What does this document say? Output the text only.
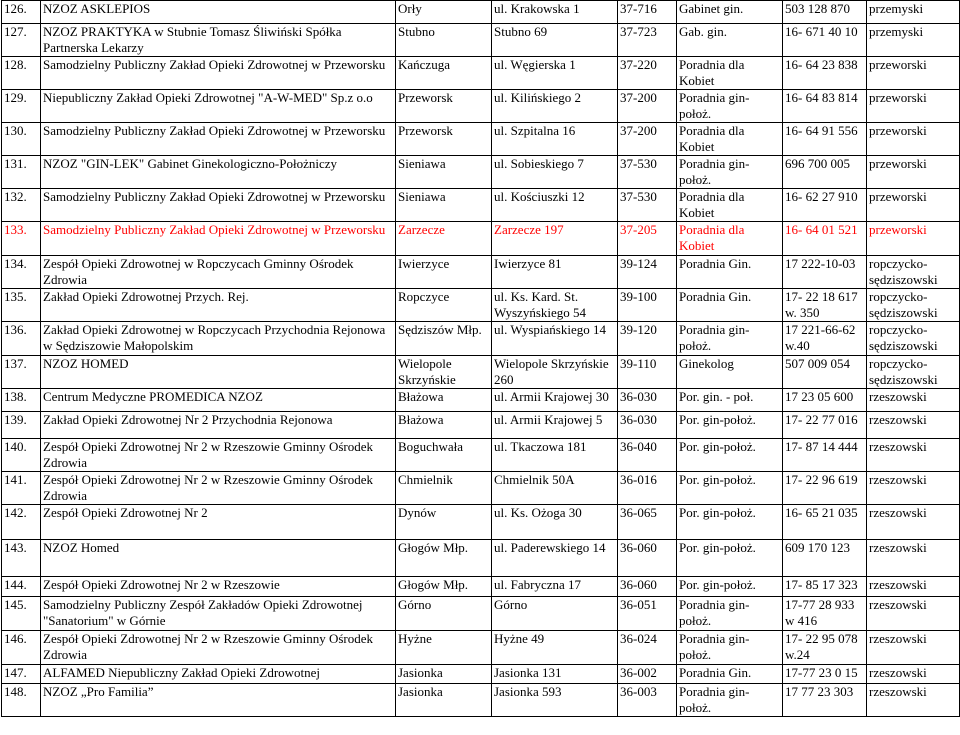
126.	NZOZ ASKLEPIOS	Orły	ul. Krakowska 1	37-716	Gabinet gin.	503 128 870	przemyski
127.	NZOZ PRAKTYKA w Stubnie Tomasz Śliwiński Spółka Partnerska Lekarzy	Stubno	Stubno 69	37-723	Gab. gin.	16- 671 40 10	przemyski
128.	Samodzielny Publiczny Zakład Opieki Zdrowotnej w Przeworsku	Kańczuga	ul. Węgierska 1	37-220	Poradnia dla Kobiet	16- 64 23 838	przeworski
129.	Niepubliczny Zakład Opieki Zdrowotnej "A-W-MED" Sp.z o.o	Przeworsk	ul. Kilińskiego 2	37-200	Poradnia gin- położ.	16- 64 83 814	przeworski
130.	Samodzielny Publiczny Zakład Opieki Zdrowotnej w Przeworsku	Przeworsk	ul. Szpitalna 16	37-200	Poradnia dla Kobiet	16- 64 91 556	przeworski
131.	NZOZ "GIN-LEK" Gabinet Ginekologiczno-Położniczy	Sieniawa	ul. Sobieskiego 7	37-530	Poradnia gin- położ.	696 700 005	przeworski
132.	Samodzielny Publiczny Zakład Opieki Zdrowotnej w Przeworsku	Sieniawa	ul. Kościuszki 12	37-530	Poradnia dla Kobiet	16- 62 27 910	przeworski
133.	Samodzielny Publiczny Zakład Opieki Zdrowotnej w Przeworsku	Zarzecze	Zarzecze 197	37-205	Poradnia dla Kobiet	16- 64 01 521	przeworski
134.	Zespół Opieki Zdrowotnej w Ropczycach Gminny Ośrodek Zdrowia	Iwierzyce	Iwierzyce 81	39-124	Poradnia Gin.	17 222-10-03	ropczycko- sędziszowski
135.	Zakład Opieki Zdrowotnej Przych. Rej.	Ropczyce	ul. Ks. Kard. St. Wyszyńskiego 54	39-100	Poradnia Gin.	17- 22 18 617 w. 350	ropczycko- sędziszowski
136.	Zakład Opieki Zdrowotnej w Ropczycach Przychodnia Rejonowa w Sędziszowie Małopolskim	Sędziszów Młp.	ul. Wyspiańskiego 14	39-120	Poradnia gin- położ.	17 221-66-62 w.40	ropczycko- sędziszowski
137.	NZOZ HOMED	Wielopole Skrzyńskie	Wielopole Skrzyńskie 260	39-110	Ginekolog	507 009 054	ropczycko- sędziszowski
138.	Centrum Medyczne PROMEDICA NZOZ	Błażowa	ul. Armii Krajowej 30	36-030	Por. gin. - poł.	17 23 05 600	rzeszowski
139.	Zakład Opieki Zdrowotnej Nr 2 Przychodnia Rejonowa	Błażowa	ul. Armii Krajowej 5	36-030	Por. gin-położ.	17- 22 77 016	rzeszowski
140.	Zespół Opieki Zdrowotnej Nr 2 w Rzeszowie Gminny Ośrodek Zdrowia	Boguchwała	ul. Tkaczowa 181	36-040	Por. gin-położ.	17- 87 14 444	rzeszowski
141.	Zespół Opieki Zdrowotnej Nr 2 w Rzeszowie Gminny Ośrodek Zdrowia	Chmielnik	Chmielnik 50A	36-016	Por. gin-położ.	17- 22 96 619	rzeszowski
142.	Zespół Opieki Zdrowotnej Nr 2	Dynów	ul. Ks. Ożoga 30	36-065	Por. gin-położ.	16- 65 21 035	rzeszowski
143.	NZOZ Homed	Głogów Młp.	ul. Paderewskiego 14	36-060	Por. gin-położ.	609 170 123	rzeszowski
144.	Zespół Opieki Zdrowotnej Nr 2 w Rzeszowie	Głogów Młp.	ul. Fabryczna 17	36-060	Por. gin-położ.	17- 85 17 323	rzeszowski
145.	Samodzielny Publiczny Zespół Zakładów Opieki Zdrowotnej "Sanatorium" w Górnie	Górno	Górno	36-051	Poradnia gin- położ.	17-77 28 933 w 416	rzeszowski
146.	Zespół Opieki Zdrowotnej Nr 2 w Rzeszowie Gminny Ośrodek Zdrowia	Hyżne	Hyżne 49	36-024	Poradnia gin- położ.	17- 22 95 078 w.24	rzeszowski
147.	ALFAMED Niepubliczny Zakład Opieki Zdrowotnej	Jasionka	Jasionka 131	36-002	Poradnia Gin.	17-77 23 0 15	rzeszowski
148.	NZOZ „Pro Familia”	Jasionka	Jasionka 593	36-003	Poradnia gin- położ.	17 77 23 303	rzeszowski
